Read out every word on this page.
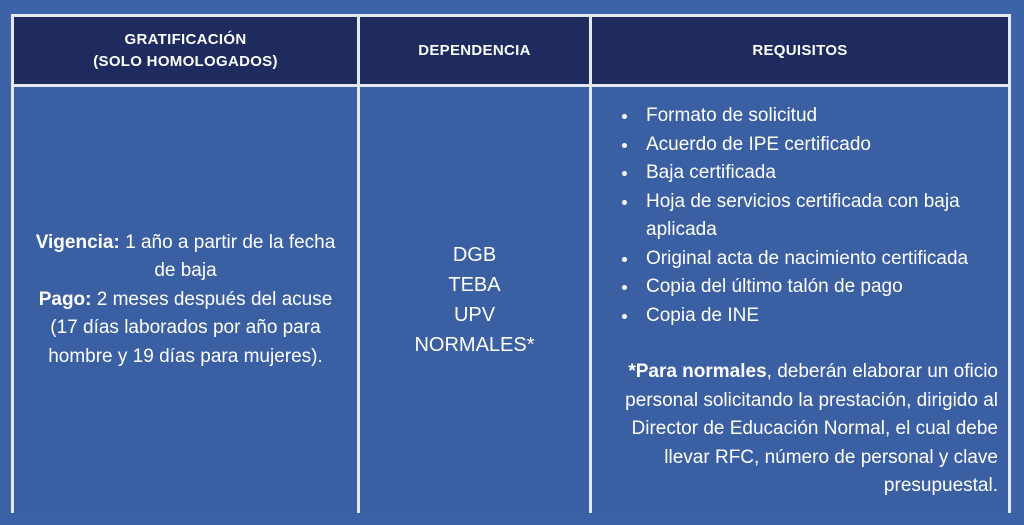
GRATIFICACIÓN
(SOLO HOMOLOGADOS)
DEPENDENCIA	REQUISITOS

Vigencia: 1 año a partir de la fecha de baja

Pago: 2 meses después del acuse (17 días laborados por año para hombre y 19 días para mujeres).

DGB
TEBA
UPV
NORMALES*
• Formato de solicitud
• Acuerdo de IPE certificado
• Baja certificada
• Hoja de servicios certificada con baja aplicada
• Original acta de nacimiento certificada
• Copia del último talón de pago
• Copia de INE

*Para normales, deberán elaborar un oficio personal solicitando la prestación, dirigido al Director de Educación Normal, el cual debe llevar RFC, número de personal y clave presupuestal.
